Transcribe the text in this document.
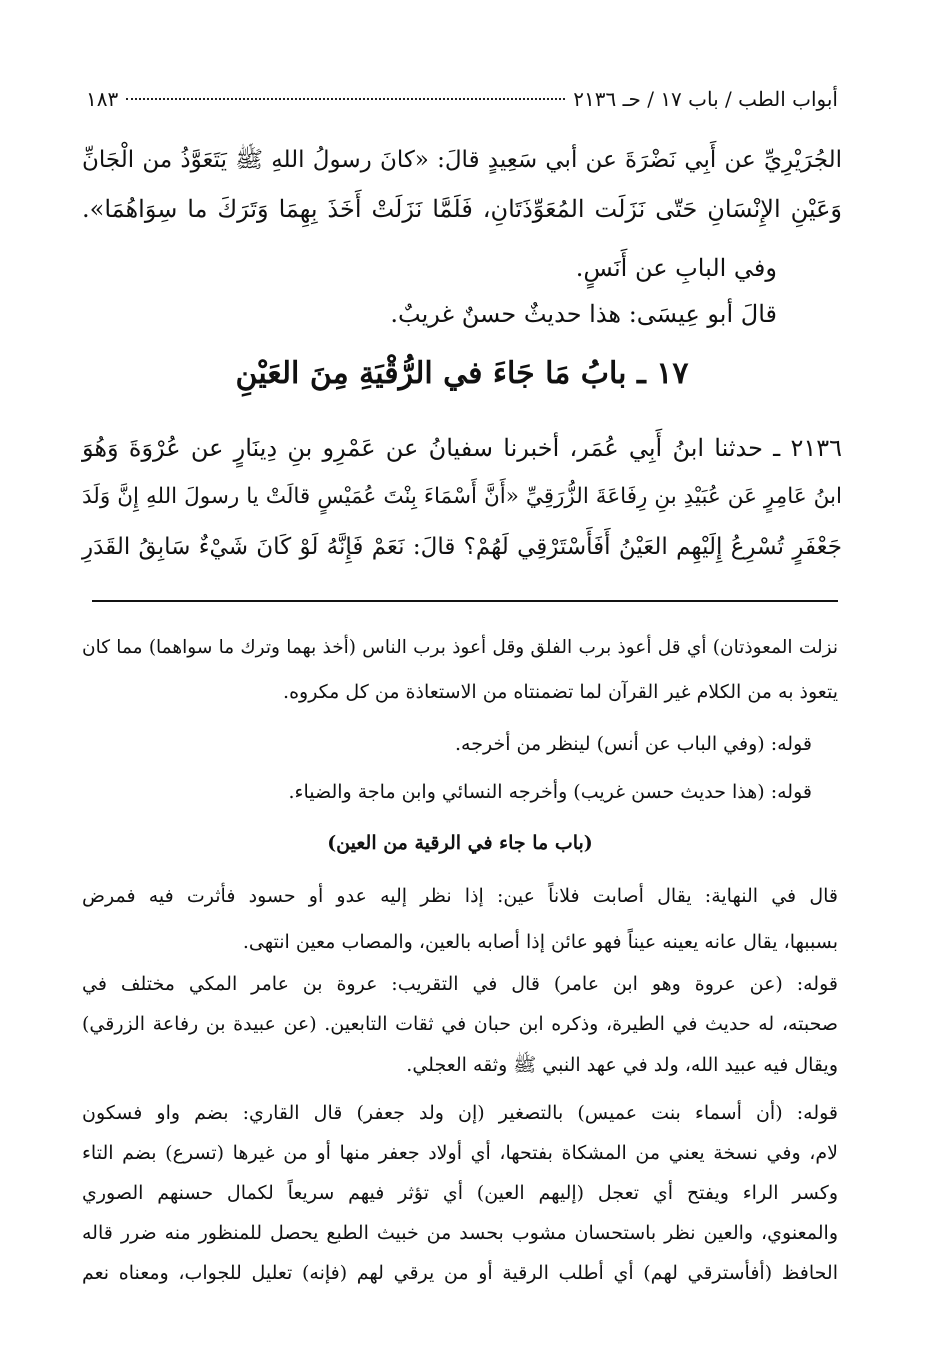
أبواب الطب / باب ١٧ / حـ ٢١٣٦
١٨٣
الجُرَيْرِيِّ عن أَبِي نَضْرَةَ عن أبي سَعِيدٍ قالَ: «كانَ رسولُ اللهِ ﷺ يَتَعَوَّذُ من الْجَانِّ
وَعَيْنِ الإِنْسَانِ حَتّى نَزَلَت المُعَوِّذَتَانِ، فَلَمَّا نَزَلَتْ أَخَذَ بِهِمَا وَتَرَكَ ما سِوَاهُمَا».
وفي البابِ عن أَنَسٍ.
قالَ أبو عِيسَى: هذا حديثٌ حسنٌ غريبٌ.
١٧ ـ بابُ مَا جَاءَ في الرُّقْيَةِ مِنَ العَيْنِ
٢١٣٦ ـ حدثنا ابنُ أَبِي عُمَر، أخبرنا سفيانُ عن عَمْرِو بنِ دِينَارٍ عن عُرْوَةَ وَهُوَ
ابنُ عَامِرٍ عَن عُبَيْدِ بنِ رِفَاعَةَ الزُّرَقِيِّ «أَنَّ أَسْمَاءَ بِنْتَ عُمَيْسٍ قالَتْ يا رسولَ اللهِ إِنَّ وَلَدَ
جَعْفَرٍ تُسْرِعُ إِلَيْهِم العَيْنُ أَفَأَسْتَرْقِي لَهُمْ؟ قالَ: نَعَمْ فَإِنَّهُ لَوْ كَانَ شَيْءٌ سَابِقُ القَدَرِ
نزلت المعوذتان) أي قل أعوذ برب الفلق وقل أعوذ برب الناس (أخذ بهما وترك ما سواهما) مما كان
يتعوذ به من الكلام غير القرآن لما تضمنتاه من الاستعاذة من كل مكروه.
قوله: (وفي الباب عن أنس) لينظر من أخرجه.
قوله: (هذا حديث حسن غريب) وأخرجه النسائي وابن ماجة والضياء.
(باب ما جاء في الرقية من العين)
قال في النهاية: يقال أصابت فلاناً عين: إذا نظر إليه عدو أو حسود فأثرت فيه فمرض
بسببها، يقال عانه يعينه عيناً فهو عائن إذا أصابه بالعين، والمصاب معين انتهى.
قوله: (عن عروة وهو ابن عامر) قال في التقريب: عروة بن عامر المكي مختلف في
صحبته، له حديث في الطيرة، وذكره ابن حبان في ثقات التابعين. (عن عبيدة بن رفاعة الزرقي)
ويقال فيه عبيد الله، ولد في عهد النبي ﷺ وثقه العجلي.
قوله: (أن أسماء بنت عميس) بالتصغير (إن ولد جعفر) قال القاري: بضم واو فسكون
لام، وفي نسخة يعني من المشكاة بفتحها، أي أولاد جعفر منها أو من غيرها (تسرع) بضم التاء
وكسر الراء ويفتح أي تعجل (إليهم العين) أي تؤثر فيهم سريعاً لكمال حسنهم الصوري
والمعنوي، والعين نظر باستحسان مشوب بحسد من خبيث الطبع يحصل للمنظور منه ضرر قاله
الحافظ (أفأسترقي لهم) أي أطلب الرقية أو من يرقي لهم (فإنه) تعليل للجواب، ومعناه نعم
